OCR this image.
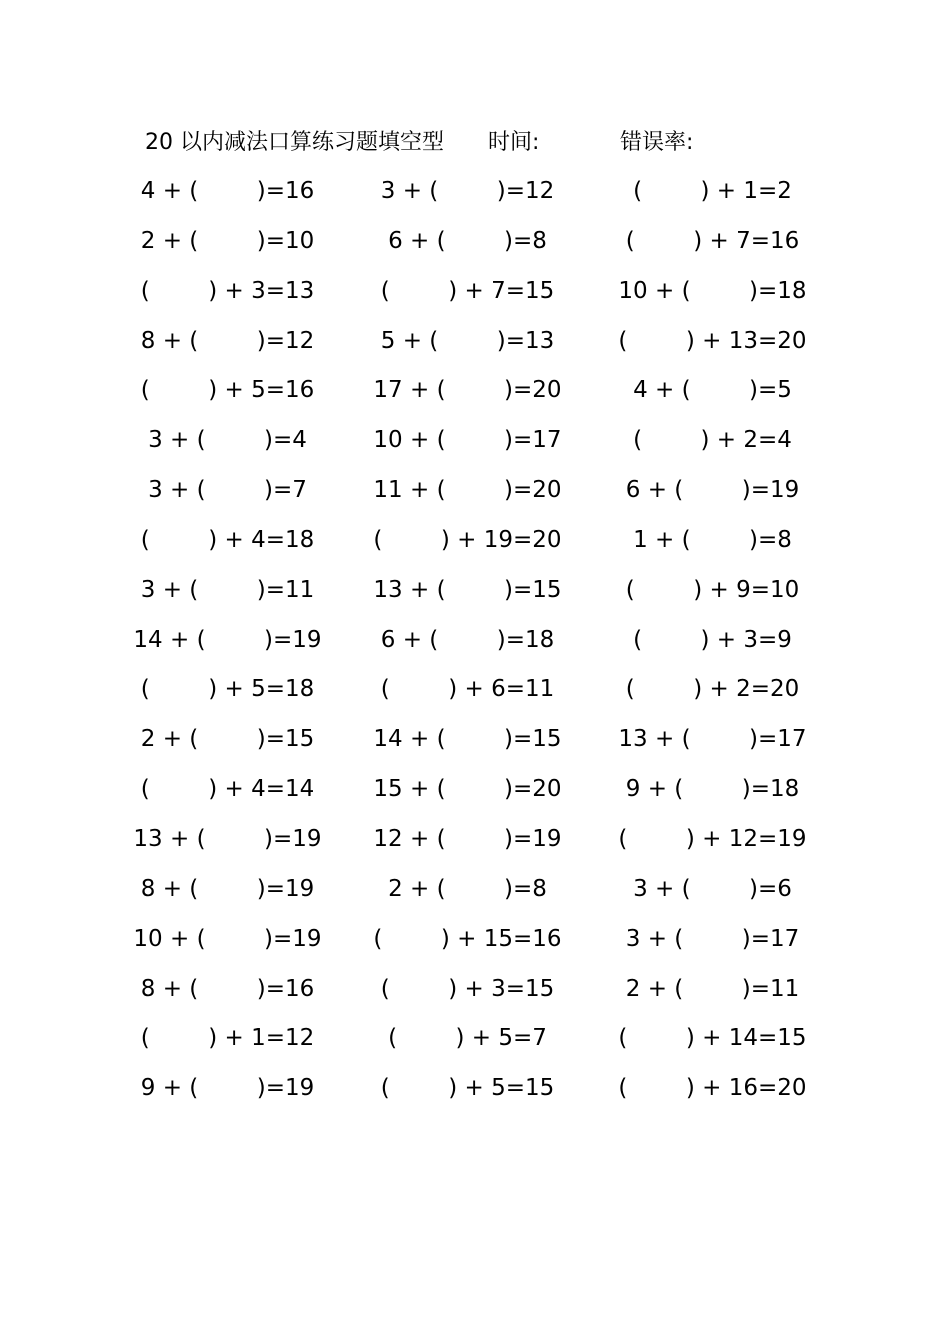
20 以内减法口算练习题填空型 时间:	错误率:
4 + (        )=16	3 + (        )=12	(        ) + 1=2
2 + (        )=10	6 + (        )=8	(        ) + 7=16
(        ) + 3=13	(        ) + 7=15	10 + (        )=18
8 + (        )=12	5 + (        )=13	(        ) + 13=20
(        ) + 5=16	17 + (        )=20	4 + (        )=5
3 + (        )=4	10 + (        )=17	(        ) + 2=4
3 + (        )=7	11 + (        )=20	6 + (        )=19
(        ) + 4=18	(        ) + 19=20	1 + (        )=8
3 + (        )=11	13 + (        )=15	(        ) + 9=10
14 + (        )=19	6 + (        )=18	(        ) + 3=9
(        ) + 5=18	(        ) + 6=11	(        ) + 2=20
2 + (        )=15	14 + (        )=15	13 + (        )=17
(        ) + 4=14	15 + (        )=20	9 + (        )=18
13 + (        )=19	12 + (        )=19	(        ) + 12=19
8 + (        )=19	2 + (        )=8	3 + (        )=6
10 + (        )=19	(        ) + 15=16	3 + (        )=17
8 + (        )=16	(        ) + 3=15	2 + (        )=11
(        ) + 1=12	(        ) + 5=7	(        ) + 14=15
9 + (        )=19	(        ) + 5=15	(        ) + 16=20
